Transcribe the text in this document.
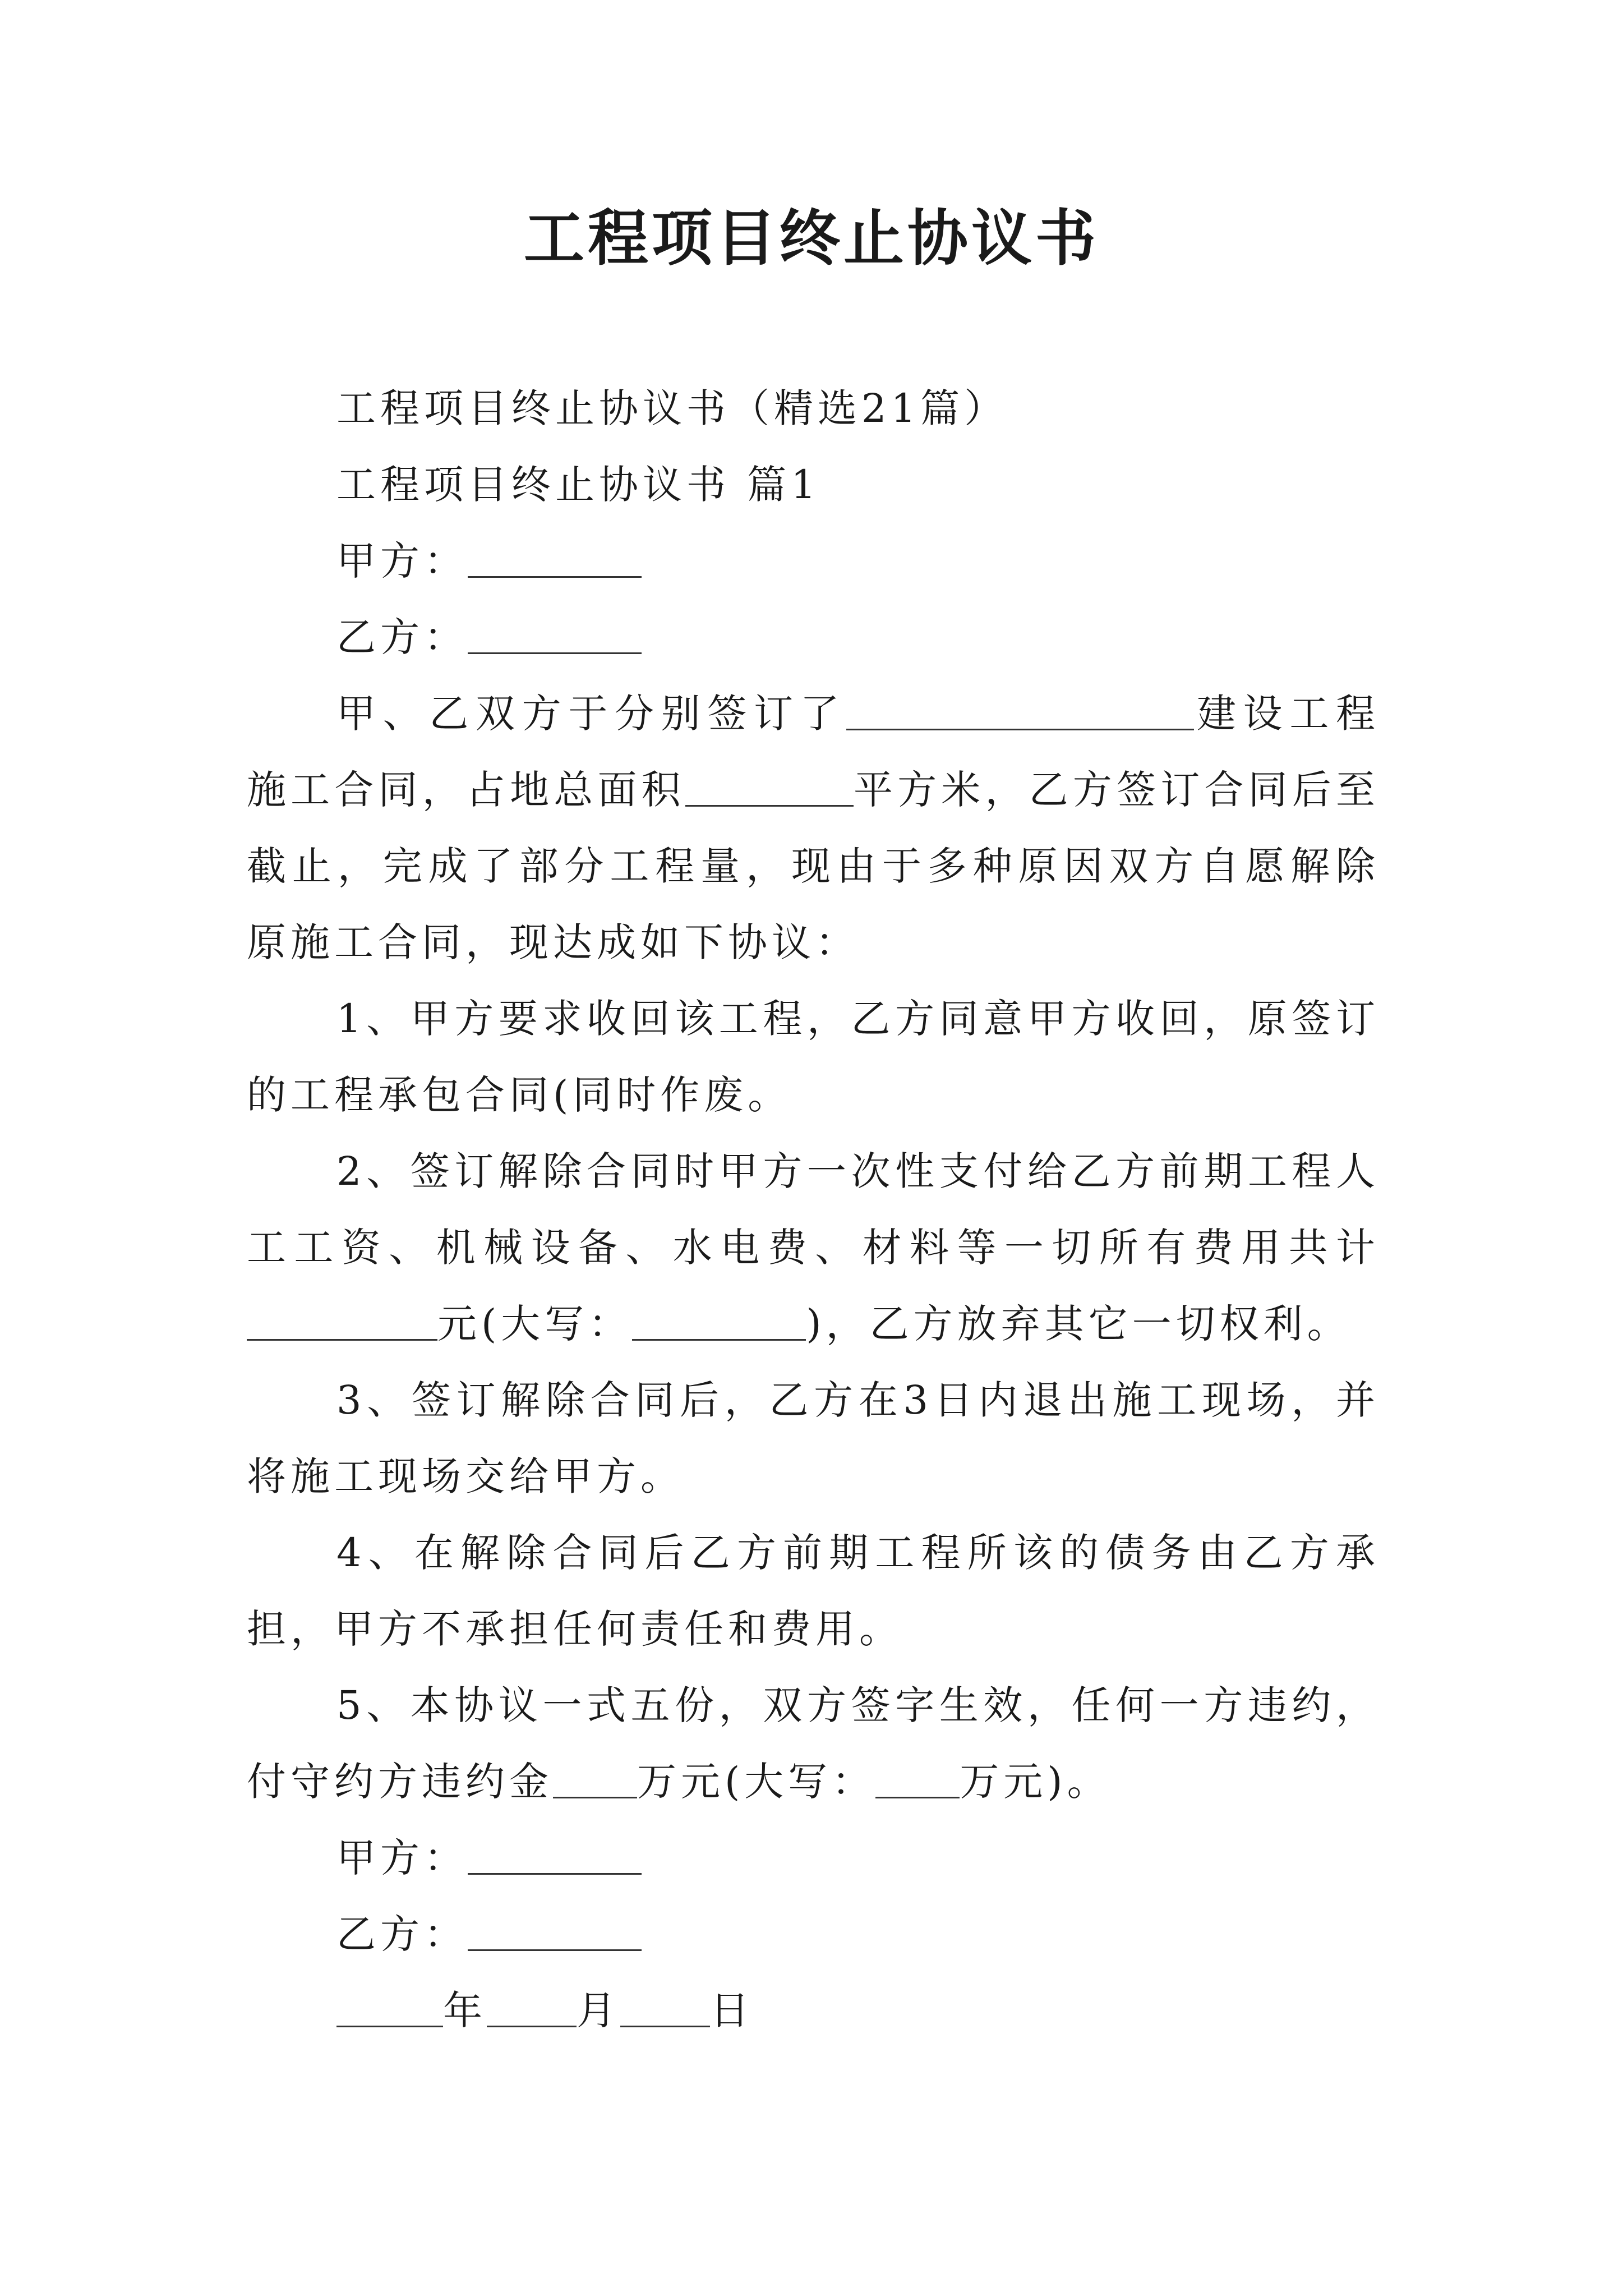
工程项目终止协议书

工程项目终止协议书（精选21篇）

工程项目终止协议书 篇1

甲方：

乙方：

甲、乙双方于分别签订了	建设工程施工合同，占地总面积	平方米，乙方签订合同后至截止，完成了部分工程量，现由于多种原因双方自愿解除原施工合同，现达成如下协议：

1、甲方要求收回该工程，乙方同意甲方收回，原签订的工程承包合同(同时作废。

2、签订解除合同时甲方一次性支付给乙方前期工程人工工资、机械设备、水电费、材料等一切所有费用共计元(大写：	)，乙方放弃其它一切权利。

3、签订解除合同后，乙方在3日内退出施工现场，并将施工现场交给甲方。

4、在解除合同后乙方前期工程所该的债务由乙方承担，甲方不承担任何责任和费用。

5、本协议一式五份，双方签字生效，任何一方违约，付守约方违约金 万元(大写： 万元)。

甲方：

乙方：

年 月 日
